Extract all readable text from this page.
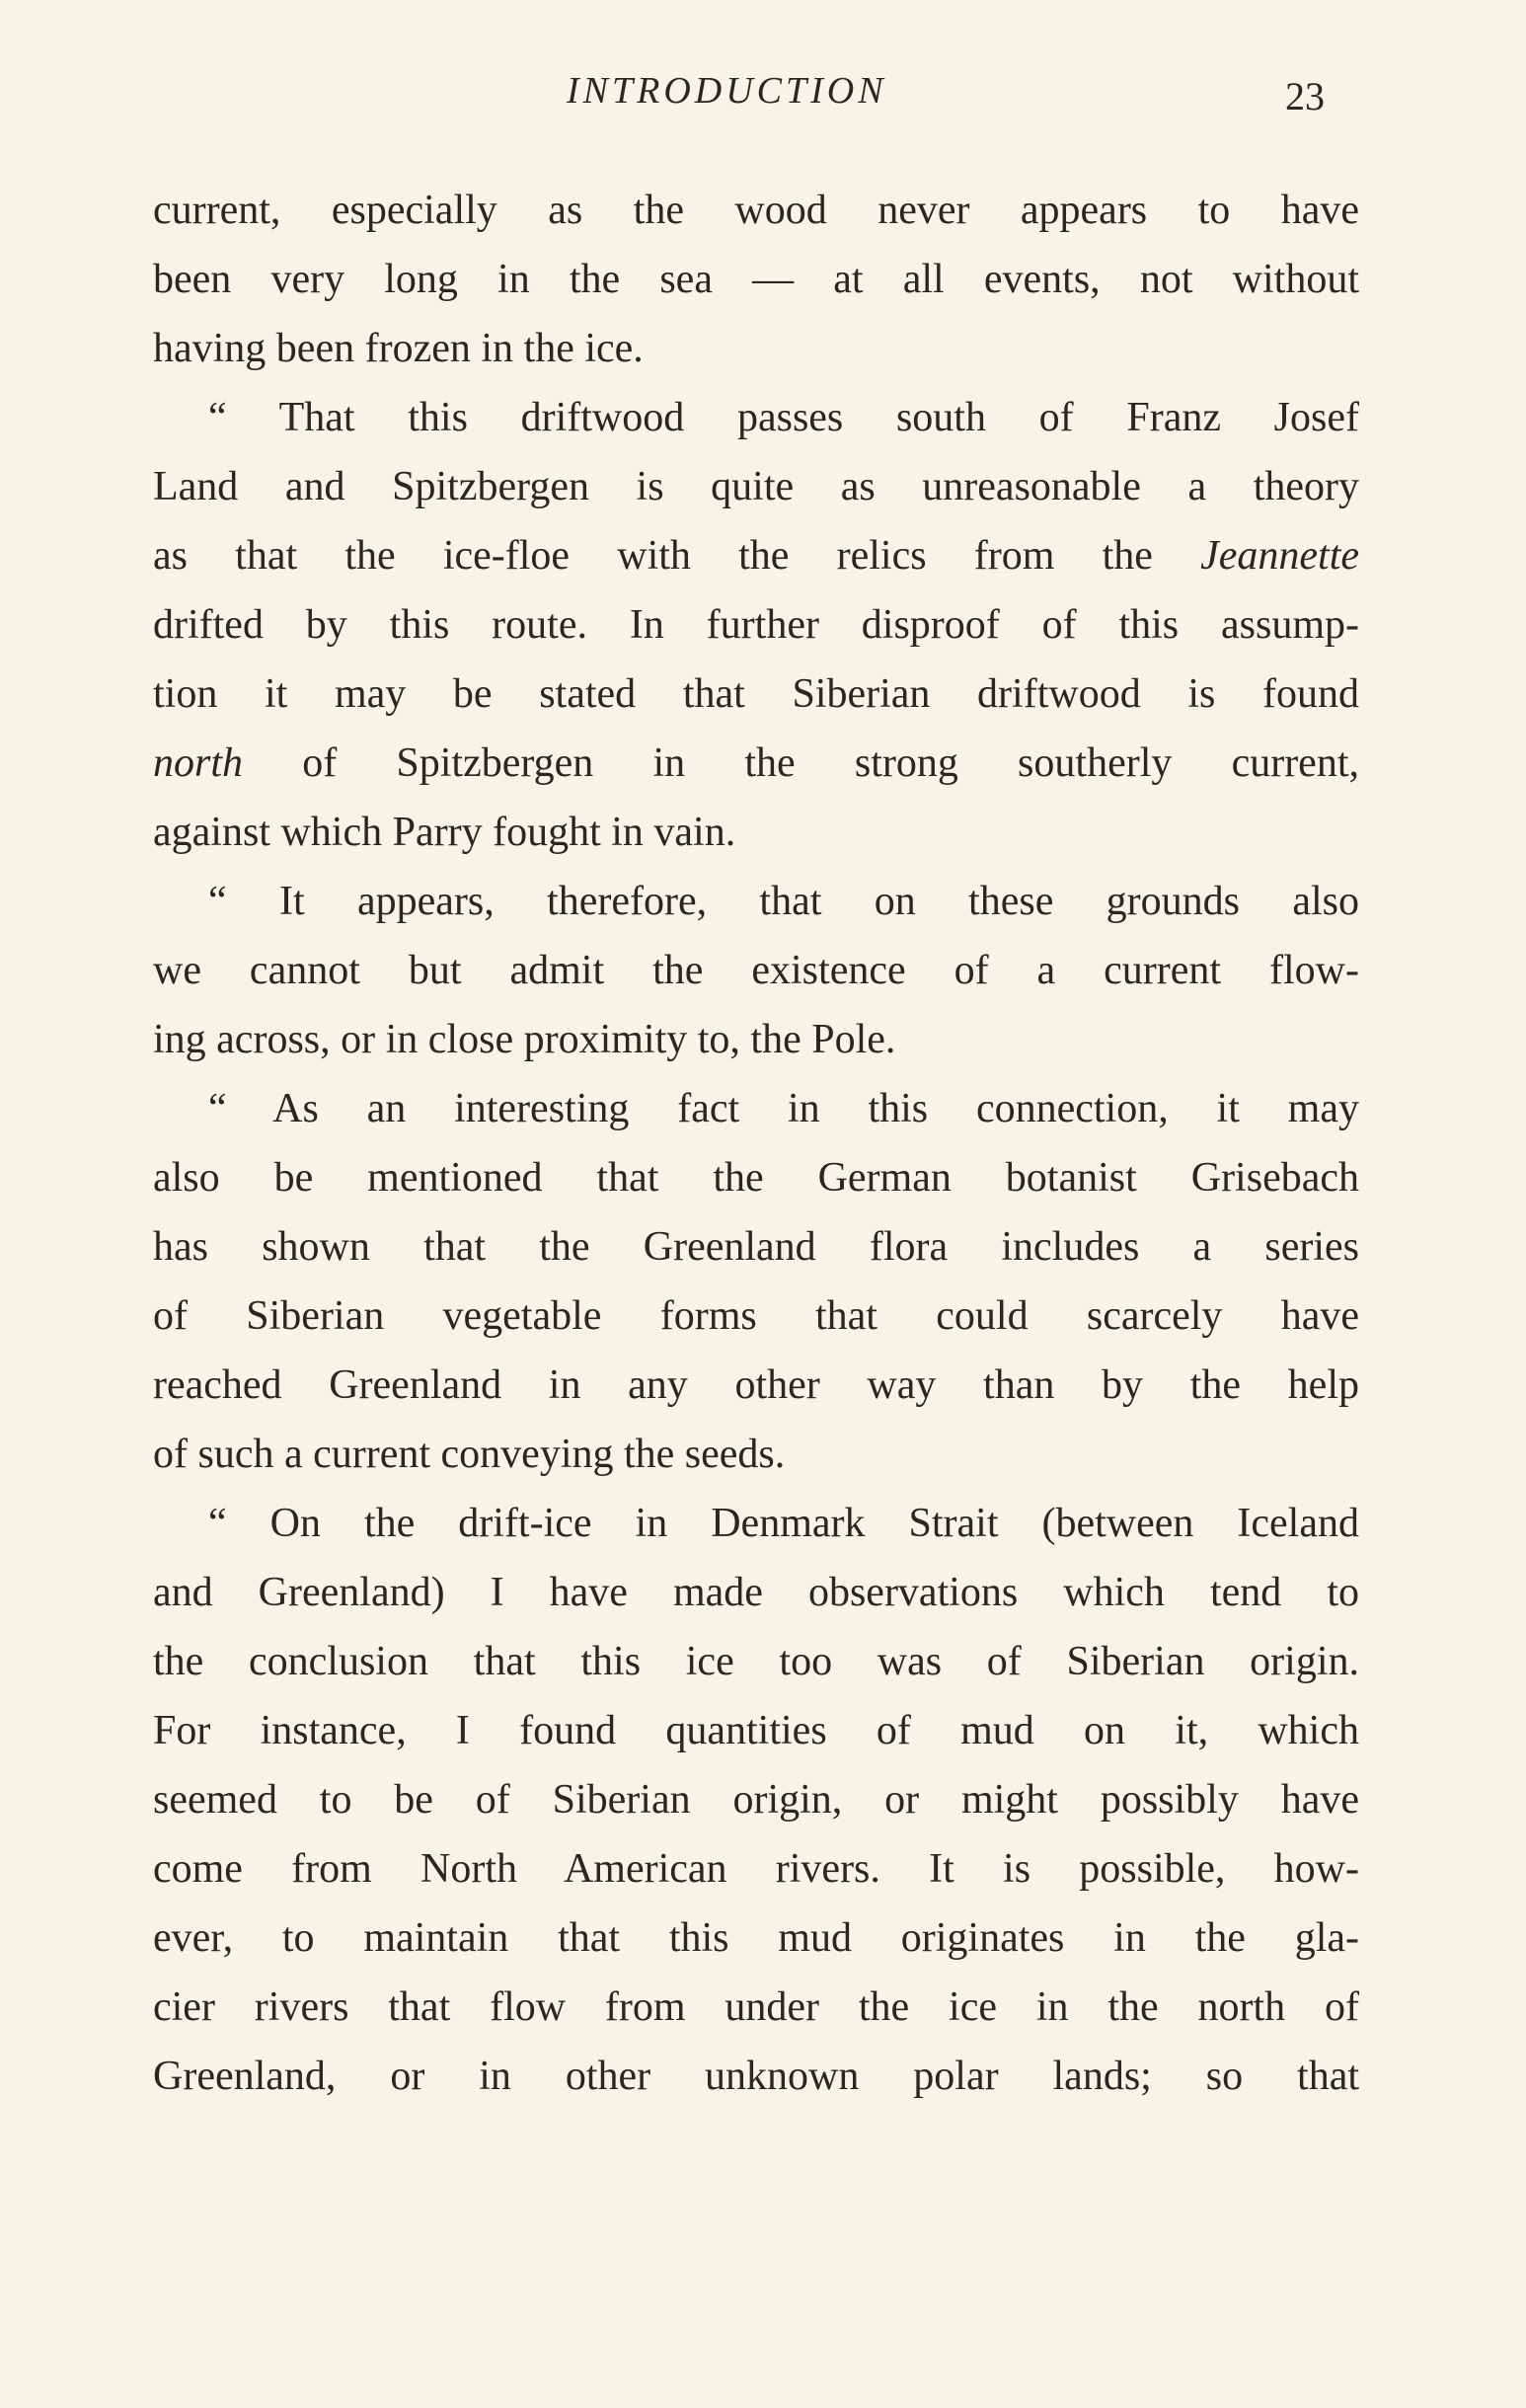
INTRODUCTION	23
current, especially as the wood never appears to have
been very long in the sea — at all events, not without
having been frozen in the ice.
“ That this driftwood passes south of Franz Josef
Land and Spitzbergen is quite as unreasonable a theory
as that the ice-floe with the relics from the Jeannette
drifted by this route. In further disproof of this assump-
tion it may be stated that Siberian driftwood is found
north of Spitzbergen in the strong southerly current,
against which Parry fought in vain.
“ It appears, therefore, that on these grounds also
we cannot but admit the existence of a current flow-
ing across, or in close proximity to, the Pole.
“ As an interesting fact in this connection, it may
also be mentioned that the German botanist Grisebach
has shown that the Greenland flora includes a series
of Siberian vegetable forms that could scarcely have
reached Greenland in any other way than by the help
of such a current conveying the seeds.
“ On the drift-ice in Denmark Strait (between Iceland
and Greenland) I have made observations which tend to
the conclusion that this ice too was of Siberian origin.
For instance, I found quantities of mud on it, which
seemed to be of Siberian origin, or might possibly have
come from North American rivers. It is possible, how-
ever, to maintain that this mud originates in the gla-
cier rivers that flow from under the ice in the north of
Greenland, or in other unknown polar lands; so that
